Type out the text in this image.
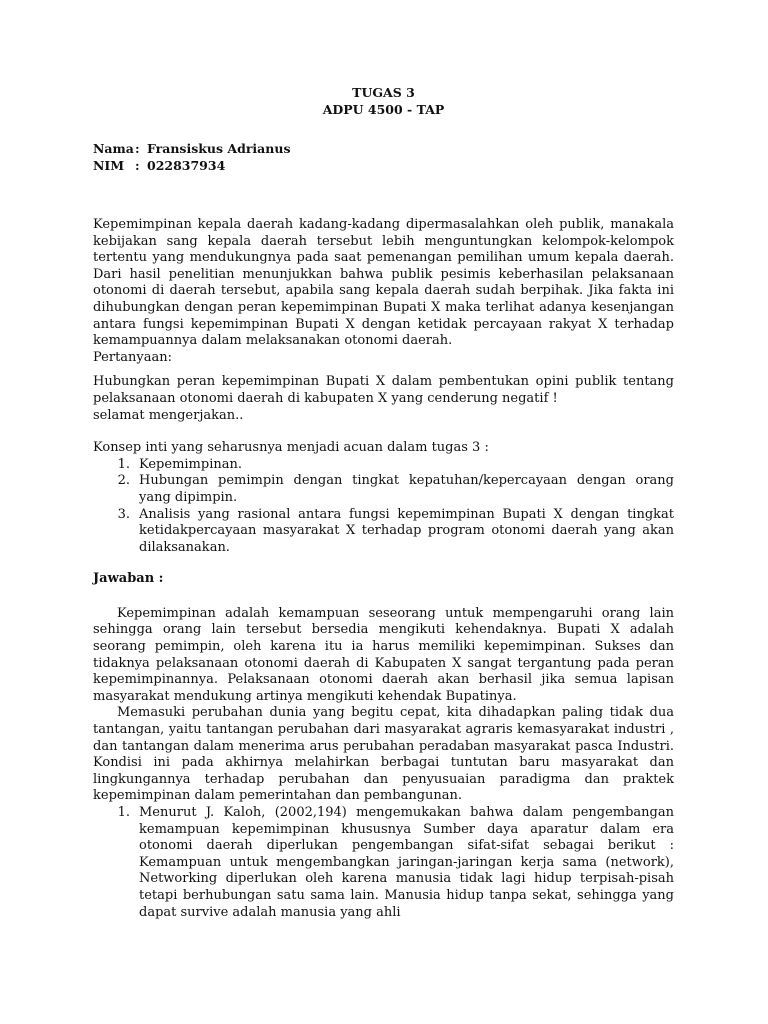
TUGAS 3

ADPU 4500 - TAP

Nama : Fransiskus Adrianus
NIM : 022837934

Kepemimpinan kepala daerah kadang-kadang dipermasalahkan oleh publik, manakala kebijakan sang kepala daerah tersebut lebih menguntungkan kelompok-kelompok tertentu yang mendukungnya pada saat pemenangan pemilihan umum kepala daerah. Dari hasil penelitian menunjukkan bahwa publik pesimis keberhasilan pelaksanaan otonomi di daerah tersebut, apabila sang kepala daerah sudah berpihak. Jika fakta ini dihubungkan dengan peran kepemimpinan Bupati X maka terlihat adanya kesenjangan antara fungsi kepemimpinan Bupati X dengan ketidak percayaan rakyat X terhadap kemampuannya dalam melaksanakan otonomi daerah.

Pertanyaan:

Hubungkan peran kepemimpinan Bupati X dalam pembentukan opini publik tentang pelaksanaan otonomi daerah di kabupaten X yang cenderung negatif !

selamat mengerjakan..

Konsep inti yang seharusnya menjadi acuan dalam tugas 3 :

1. Kepemimpinan.
2. Hubungan pemimpin dengan tingkat kepatuhan/kepercayaan dengan orang yang dipimpin.
3. Analisis yang rasional antara fungsi kepemimpinan Bupati X dengan tingkat ketidakpercayaan masyarakat X terhadap program otonomi daerah yang akan dilaksanakan.

Jawaban :

Kepemimpinan adalah kemampuan seseorang untuk mempengaruhi orang lain sehingga orang lain tersebut bersedia mengikuti kehendaknya. Bupati X adalah seorang pemimpin, oleh karena itu ia harus memiliki kepemimpinan. Sukses dan tidaknya pelaksanaan otonomi daerah di Kabupaten X sangat tergantung pada peran kepemimpinannya. Pelaksanaan otonomi daerah akan berhasil jika semua lapisan masyarakat mendukung artinya mengikuti kehendak Bupatinya.

Memasuki perubahan dunia yang begitu cepat, kita dihadapkan paling tidak dua tantangan, yaitu tantangan perubahan dari masyarakat agraris kemasyarakat industri , dan tantangan dalam menerima arus perubahan peradaban masyarakat pasca Industri. Kondisi ini pada akhirnya melahirkan berbagai tuntutan baru masyarakat dan lingkungannya terhadap perubahan dan penyusuaian paradigma dan praktek kepemimpinan dalam pemerintahan dan pembangunan.

1. Menurut J. Kaloh, (2002,194) mengemukakan bahwa dalam pengembangan kemampuan kepemimpinan khususnya Sumber daya aparatur dalam era otonomi daerah diperlukan pengembangan sifat-sifat sebagai berikut : Kemampuan untuk mengembangkan jaringan-jaringan kerja sama (network), Networking diperlukan oleh karena manusia tidak lagi hidup terpisah-pisah tetapi berhubungan satu sama lain. Manusia hidup tanpa sekat, sehingga yang dapat survive adalah manusia yang ahli
